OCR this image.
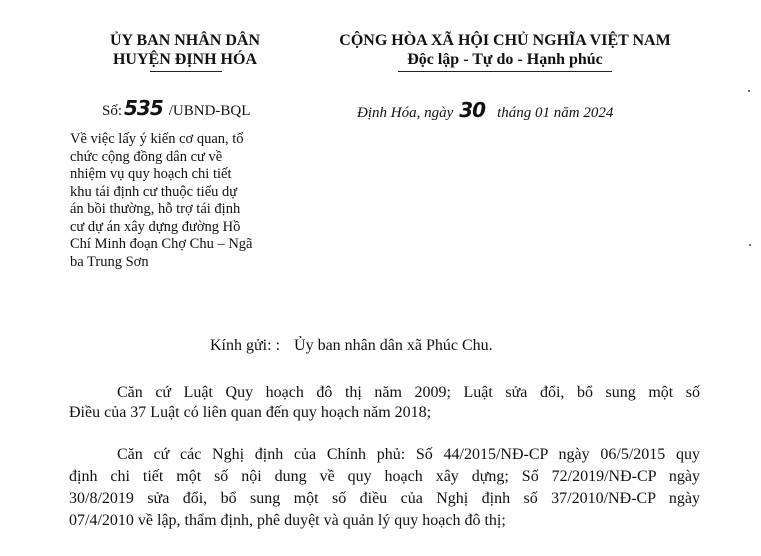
ỦY BAN NHÂN DÂN
HUYỆN ĐỊNH HÓA
CỘNG HÒA XÃ HỘI CHỦ NGHĨA VIỆT NAM
Độc lập - Tự do - Hạnh phúc
Số: 535 /UBND-BQL	Định Hóa, ngày 30 tháng 01 năm 2024
Về việc lấy ý kiến cơ quan, tổ
chức cộng đồng dân cư về
nhiệm vụ quy hoạch chi tiết
khu tái định cư thuộc tiểu dự
án bồi thường, hỗ trợ tái định
cư dự án xây dựng đường Hồ
Chí Minh đoạn Chợ Chu – Ngã
ba Trung Sơn
Kính gửi: : Ủy ban nhân dân xã Phúc Chu.
Căn cứ Luật Quy hoạch đô thị năm 2009; Luật sửa đổi, bổ sung một số
Điều của 37 Luật có liên quan đến quy hoạch năm 2018;
Căn cứ các Nghị định của Chính phủ: Số 44/2015/NĐ-CP ngày 06/5/2015 quy
định chi tiết một số nội dung về quy hoạch xây dựng; Số 72/2019/NĐ-CP ngày
30/8/2019 sửa đổi, bổ sung một số điều của Nghị định số 37/2010/NĐ-CP ngày
07/4/2010 về lập, thẩm định, phê duyệt và quản lý quy hoạch đô thị;
